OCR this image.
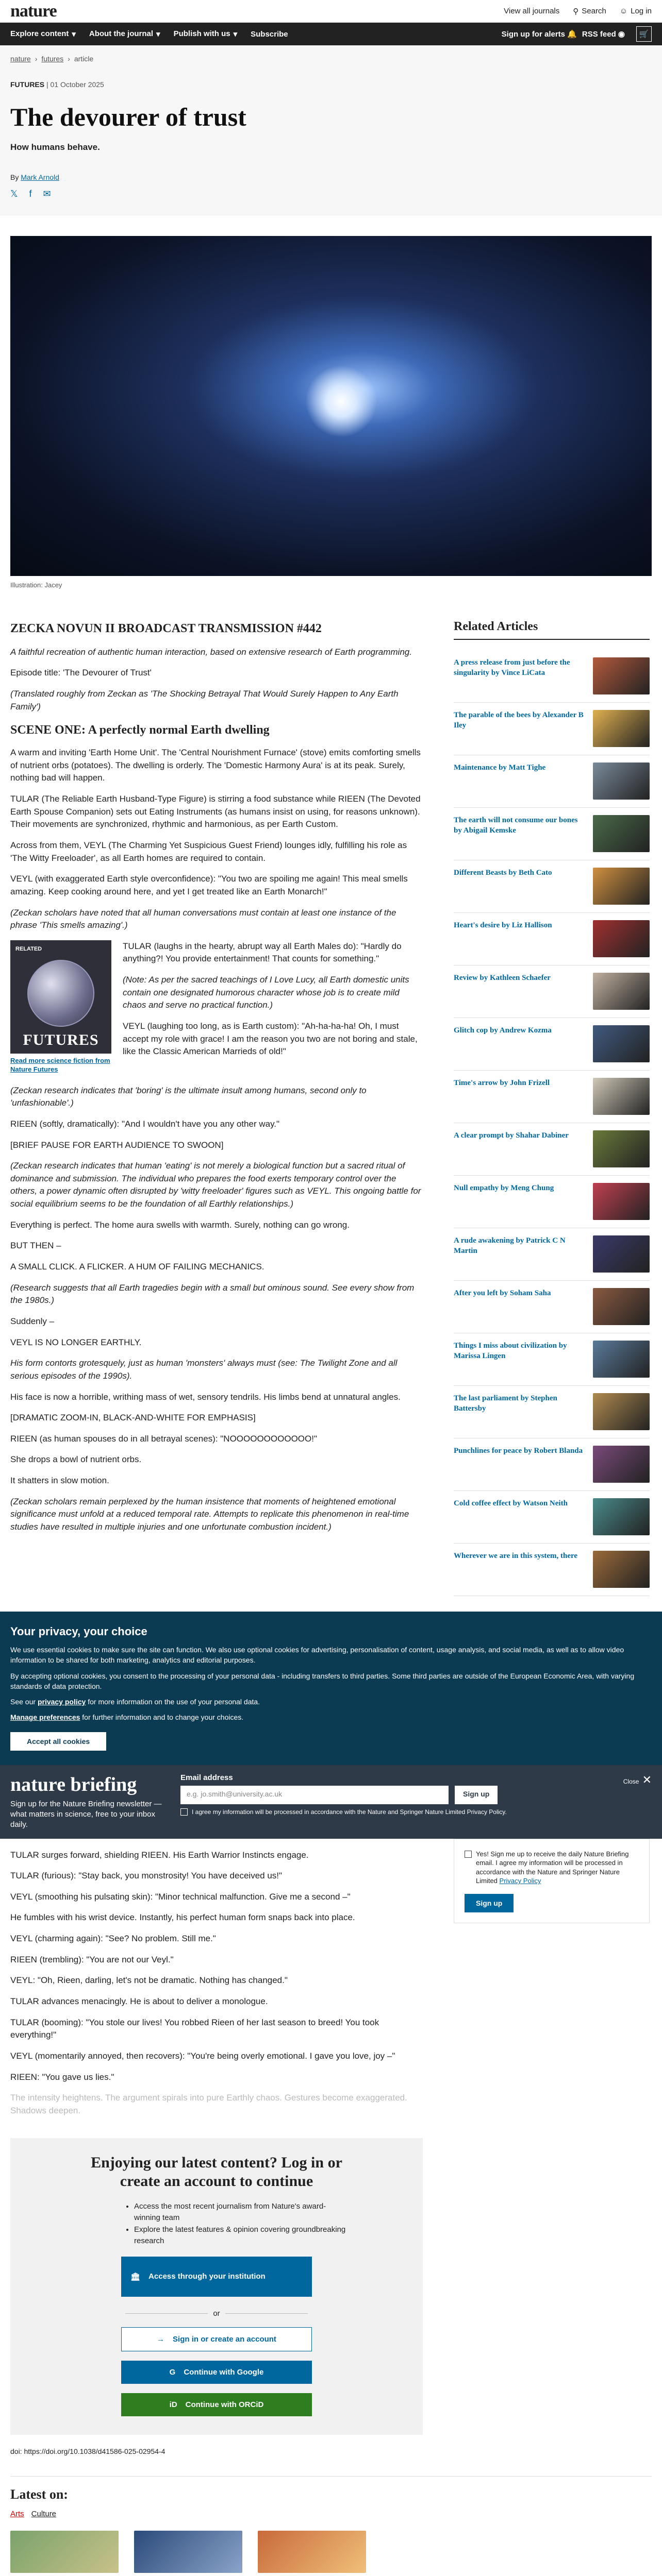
nature	View all journals ⚲ Search ☺ Log in
Explore content ▾ About the journal ▾ Publish with us ▾ Subscribe	Sign up for alerts 🔔 RSS feed ◉ 🛒
nature › futures › article
FUTURES | 01 October 2025
The devourer of trust

How humans behave.

By Mark Arnold

𝕏 f ✉

Illustration: Jacey

ZECKA NOVUN II BROADCAST TRANSMISSION #442

A faithful recreation of authentic human interaction, based on extensive research of Earth programming.

Episode title: 'The Devourer of Trust'

(Translated roughly from Zeckan as 'The Shocking Betrayal That Would Surely Happen to Any Earth Family')

SCENE ONE: A perfectly normal Earth dwelling

A warm and inviting 'Earth Home Unit'. The 'Central Nourishment Furnace' (stove) emits comforting smells of nutrient orbs (potatoes). The dwelling is orderly. The 'Domestic Harmony Aura' is at its peak. Surely, nothing bad will happen.

TULAR (The Reliable Earth Husband-Type Figure) is stirring a food substance while RIEEN (The Devoted Earth Spouse Companion) sets out Eating Instruments (as humans insist on using, for reasons unknown). Their movements are synchronized, rhythmic and harmonious, as per Earth Custom.

Across from them, VEYL (The Charming Yet Suspicious Guest Friend) lounges idly, fulfilling his role as 'The Witty Freeloader', as all Earth homes are required to contain.

VEYL (with exaggerated Earth style overconfidence): "You two are spoiling me again! This meal smells amazing. Keep cooking around here, and yet I get treated like an Earth Monarch!"

(Zeckan scholars have noted that all human conversations must contain at least one instance of the phrase 'This smells amazing'.)

RELATED
FUTURES
Read more science fiction from Nature Futures

TULAR (laughs in the hearty, abrupt way all Earth Males do): "Hardly do anything?! You provide entertainment! That counts for something."

(Note: As per the sacred teachings of I Love Lucy, all Earth domestic units contain one designated humorous character whose job is to create mild chaos and serve no practical function.)

VEYL (laughing too long, as is Earth custom): "Ah-ha-ha-ha! Oh, I must accept my role with grace! I am the reason you two are not boring and stale, like the Classic American Marrieds of old!"

(Zeckan research indicates that 'boring' is the ultimate insult among humans, second only to 'unfashionable'.)

RIEEN (softly, dramatically): "And I wouldn't have you any other way."

[BRIEF PAUSE FOR EARTH AUDIENCE TO SWOON]

(Zeckan research indicates that human 'eating' is not merely a biological function but a sacred ritual of dominance and submission. The individual who prepares the food exerts temporary control over the others, a power dynamic often disrupted by 'witty freeloader' figures such as VEYL. This ongoing battle for social equilibrium seems to be the foundation of all Earthly relationships.)

Everything is perfect. The home aura swells with warmth. Surely, nothing can go wrong.

BUT THEN –

A SMALL CLICK. A FLICKER. A HUM OF FAILING MECHANICS.

(Research suggests that all Earth tragedies begin with a small but ominous sound. See every show from the 1980s.)

Suddenly –

VEYL IS NO LONGER EARTHLY.

His form contorts grotesquely, just as human 'monsters' always must (see: The Twilight Zone and all serious episodes of the 1990s).

His face is now a horrible, writhing mass of wet, sensory tendrils. His limbs bend at unnatural angles.

[DRAMATIC ZOOM-IN, BLACK-AND-WHITE FOR EMPHASIS]

RIEEN (as human spouses do in all betrayal scenes): "NOOOOOOOOOOOO!"

She drops a bowl of nutrient orbs.

It shatters in slow motion.

(Zeckan scholars remain perplexed by the human insistence that moments of heightened emotional significance must unfold at a reduced temporal rate. Attempts to replicate this phenomenon in real-time studies have resulted in multiple injuries and one unfortunate combustion incident.)

Related Articles
A press release from just before the singularity by Vince LiCata
The parable of the bees by Alexander B Iley
Maintenance by Matt Tighe
The earth will not consume our bones by Abigail Kemske
Different Beasts by Beth Cato
Heart's desire by Liz Hallison
Review by Kathleen Schaefer
Glitch cop by Andrew Kozma
Time's arrow by John Frizell
A clear prompt by Shahar Dabiner
Null empathy by Meng Chung
A rude awakening by Patrick C N Martin
After you left by Soham Saha
Things I miss about civilization by Marissa Lingen
The last parliament by Stephen Battersby
Punchlines for peace by Robert Blanda
Cold coffee effect by Watson Neith
Wherever we are in this system, there
Your privacy, your choice

We use essential cookies to make sure the site can function. We also use optional cookies for advertising, personalisation of content, usage analysis, and social media, as well as to allow video information to be shared for both marketing, analytics and editorial purposes.

By accepting optional cookies, you consent to the processing of your personal data - including transfers to third parties. Some third parties are outside of the European Economic Area, with varying standards of data protection.

See our privacy policy for more information on the use of your personal data.

Manage preferences for further information and to change your choices.

Accept all cookies
nature briefing
Sign up for the Nature Briefing newsletter — what matters in science, free to your inbox daily.
Email address
e.g. jo.smith@university.ac.uk	Sign up
I agree my information will be processed in accordance with the Nature and Springer Nature Limited Privacy Policy.
Close ✕

TULAR surges forward, shielding RIEEN. His Earth Warrior Instincts engage.

TULAR (furious): "Stay back, you monstrosity! You have deceived us!"

VEYL (smoothing his pulsating skin): "Minor technical malfunction. Give me a second –"

He fumbles with his wrist device. Instantly, his perfect human form snaps back into place.

VEYL (charming again): "See? No problem. Still me."

RIEEN (trembling): "You are not our Veyl."

VEYL: "Oh, Rieen, darling, let's not be dramatic. Nothing has changed."

TULAR advances menacingly. He is about to deliver a monologue.

TULAR (booming): "You stole our lives! You robbed Rieen of her last season to breed! You took everything!"

VEYL (momentarily annoyed, then recovers): "You're being overly emotional. I gave you love, joy –"

RIEEN: "You gave us lies."

The intensity heightens. The argument spirals into pure Earthly chaos. Gestures become exaggerated. Shadows deepen.

Yes! Sign me up to receive the daily Nature Briefing email. I agree my information will be processed in accordance with the Nature and Springer Nature Limited Privacy Policy
Sign up
Enjoying our latest content? Log in or create an account to continue
• Access the most recent journalism from Nature's award-winning team
• Explore the latest features & opinion covering groundbreaking research
🏛 Access through your institution
or
→ Sign in or create an account
G Continue with Google
iD Continue with ORCiD

doi: https://doi.org/10.1038/d41586-025-02954-4

Latest on:
Arts Culture
